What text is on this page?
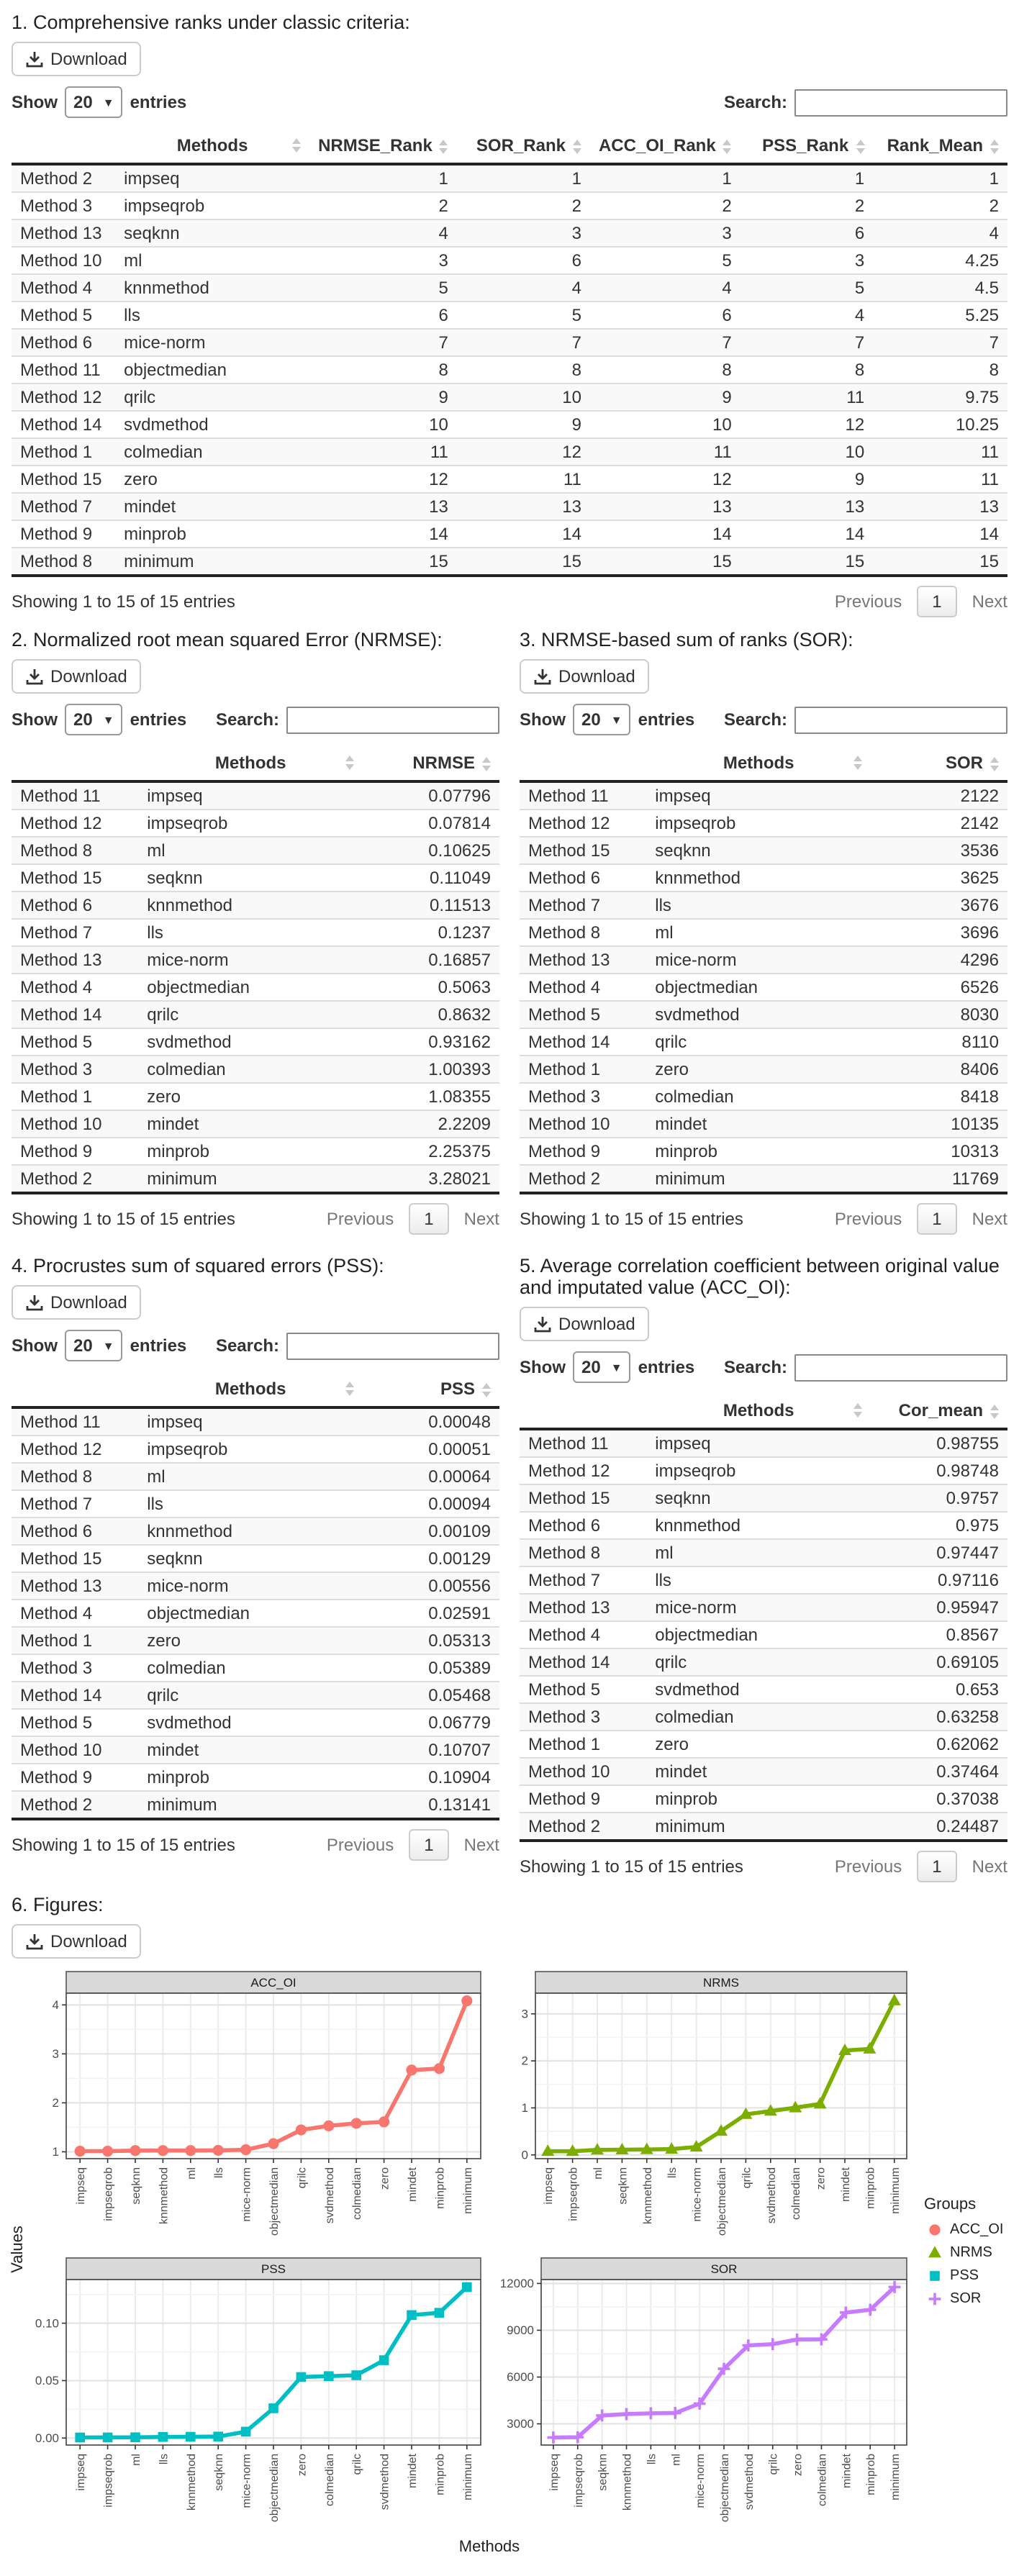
1. Comprehensive ranks under classic criteria:
Download
Show 20 ▼ entries	Search:
	Methods	NRMSE_Rank	SOR_Rank	ACC_OI_Rank	PSS_Rank	Rank_Mean

Method 2	impseq	1	1	1	1	1
Method 3	impseqrob	2	2	2	2	2
Method 13	seqknn	4	3	3	6	4
Method 10	ml	3	6	5	3	4.25
Method 4	knnmethod	5	4	4	5	4.5
Method 5	lls	6	5	6	4	5.25
Method 6	mice-norm	7	7	7	7	7
Method 11	objectmedian	8	8	8	8	8
Method 12	qrilc	9	10	9	11	9.75
Method 14	svdmethod	10	9	10	12	10.25
Method 1	colmedian	11	12	11	10	11
Method 15	zero	12	11	12	9	11
Method 7	mindet	13	13	13	13	13
Method 9	minprob	14	14	14	14	14
Method 8	minimum	15	15	15	15	15
Showing 1 to 15 of 15 entries	Previous	1	Next
2. Normalized root mean squared Error (NRMSE):
Download
Show 20 ▼ entries	Search:
	Methods	NRMSE

Method 11	impseq	0.07796
Method 12	impseqrob	0.07814
Method 8	ml	0.10625
Method 15	seqknn	0.11049
Method 6	knnmethod	0.11513
Method 7	lls	0.1237
Method 13	mice-norm	0.16857
Method 4	objectmedian	0.5063
Method 14	qrilc	0.8632
Method 5	svdmethod	0.93162
Method 3	colmedian	1.00393
Method 1	zero	1.08355
Method 10	mindet	2.2209
Method 9	minprob	2.25375
Method 2	minimum	3.28021
Showing 1 to 15 of 15 entries	Previous	1	Next
3. NRMSE-based sum of ranks (SOR):
Download
Show 20 ▼ entries	Search:
	Methods	SOR

Method 11	impseq	2122
Method 12	impseqrob	2142
Method 15	seqknn	3536
Method 6	knnmethod	3625
Method 7	lls	3676
Method 8	ml	3696
Method 13	mice-norm	4296
Method 4	objectmedian	6526
Method 5	svdmethod	8030
Method 14	qrilc	8110
Method 1	zero	8406
Method 3	colmedian	8418
Method 10	mindet	10135
Method 9	minprob	10313
Method 2	minimum	11769
Showing 1 to 15 of 15 entries	Previous	1	Next
4. Procrustes sum of squared errors (PSS):
Download
Show 20 ▼ entries	Search:
	Methods	PSS

Method 11	impseq	0.00048
Method 12	impseqrob	0.00051
Method 8	ml	0.00064
Method 7	lls	0.00094
Method 6	knnmethod	0.00109
Method 15	seqknn	0.00129
Method 13	mice-norm	0.00556
Method 4	objectmedian	0.02591
Method 1	zero	0.05313
Method 3	colmedian	0.05389
Method 14	qrilc	0.05468
Method 5	svdmethod	0.06779
Method 10	mindet	0.10707
Method 9	minprob	0.10904
Method 2	minimum	0.13141
Showing 1 to 15 of 15 entries	Previous	1	Next
5. Average correlation coefficient between original value and imputated value (ACC_OI):
Download
Show 20 ▼ entries	Search:
	Methods	Cor_mean

Method 11	impseq	0.98755
Method 12	impseqrob	0.98748
Method 15	seqknn	0.9757
Method 6	knnmethod	0.975
Method 8	ml	0.97447
Method 7	lls	0.97116
Method 13	mice-norm	0.95947
Method 4	objectmedian	0.8567
Method 14	qrilc	0.69105
Method 5	svdmethod	0.653
Method 3	colmedian	0.63258
Method 1	zero	0.62062
Method 10	mindet	0.37464
Method 9	minprob	0.37038
Method 2	minimum	0.24487
Showing 1 to 15 of 15 entries	Previous	1	Next
6. Figures:
Download
Values
ACC_OI
1
2
3
4
impseq	impseqrob	seqknn	knnmethod	ml	lls	mice-norm	objectmedian	qrilc	svdmethod	colmedian	zero	mindet	minprob	minimum
NRMS
0
1
2
3
impseq impseqrob ml seqknn knnmethod lls mice-norm objectmedian qrilc svdmethod colmedian zero mindet minprob minimum	Groups
ACC_OI
NRMS
PSS
SOR
PSS
0.00
0.05
0.10
impseq	impseqrob	ml	lls	knnmethod	seqknn	mice-norm	objectmedian	zero	colmedian	qrilc	svdmethod	mindet	minprob	minimum
SOR
3000
6000
9000
12000
impseq impseqrob seqknn knnmethod lls ml mice-norm objectmedian svdmethod qrilc zero colmedian mindet minprob minimum
Methods
